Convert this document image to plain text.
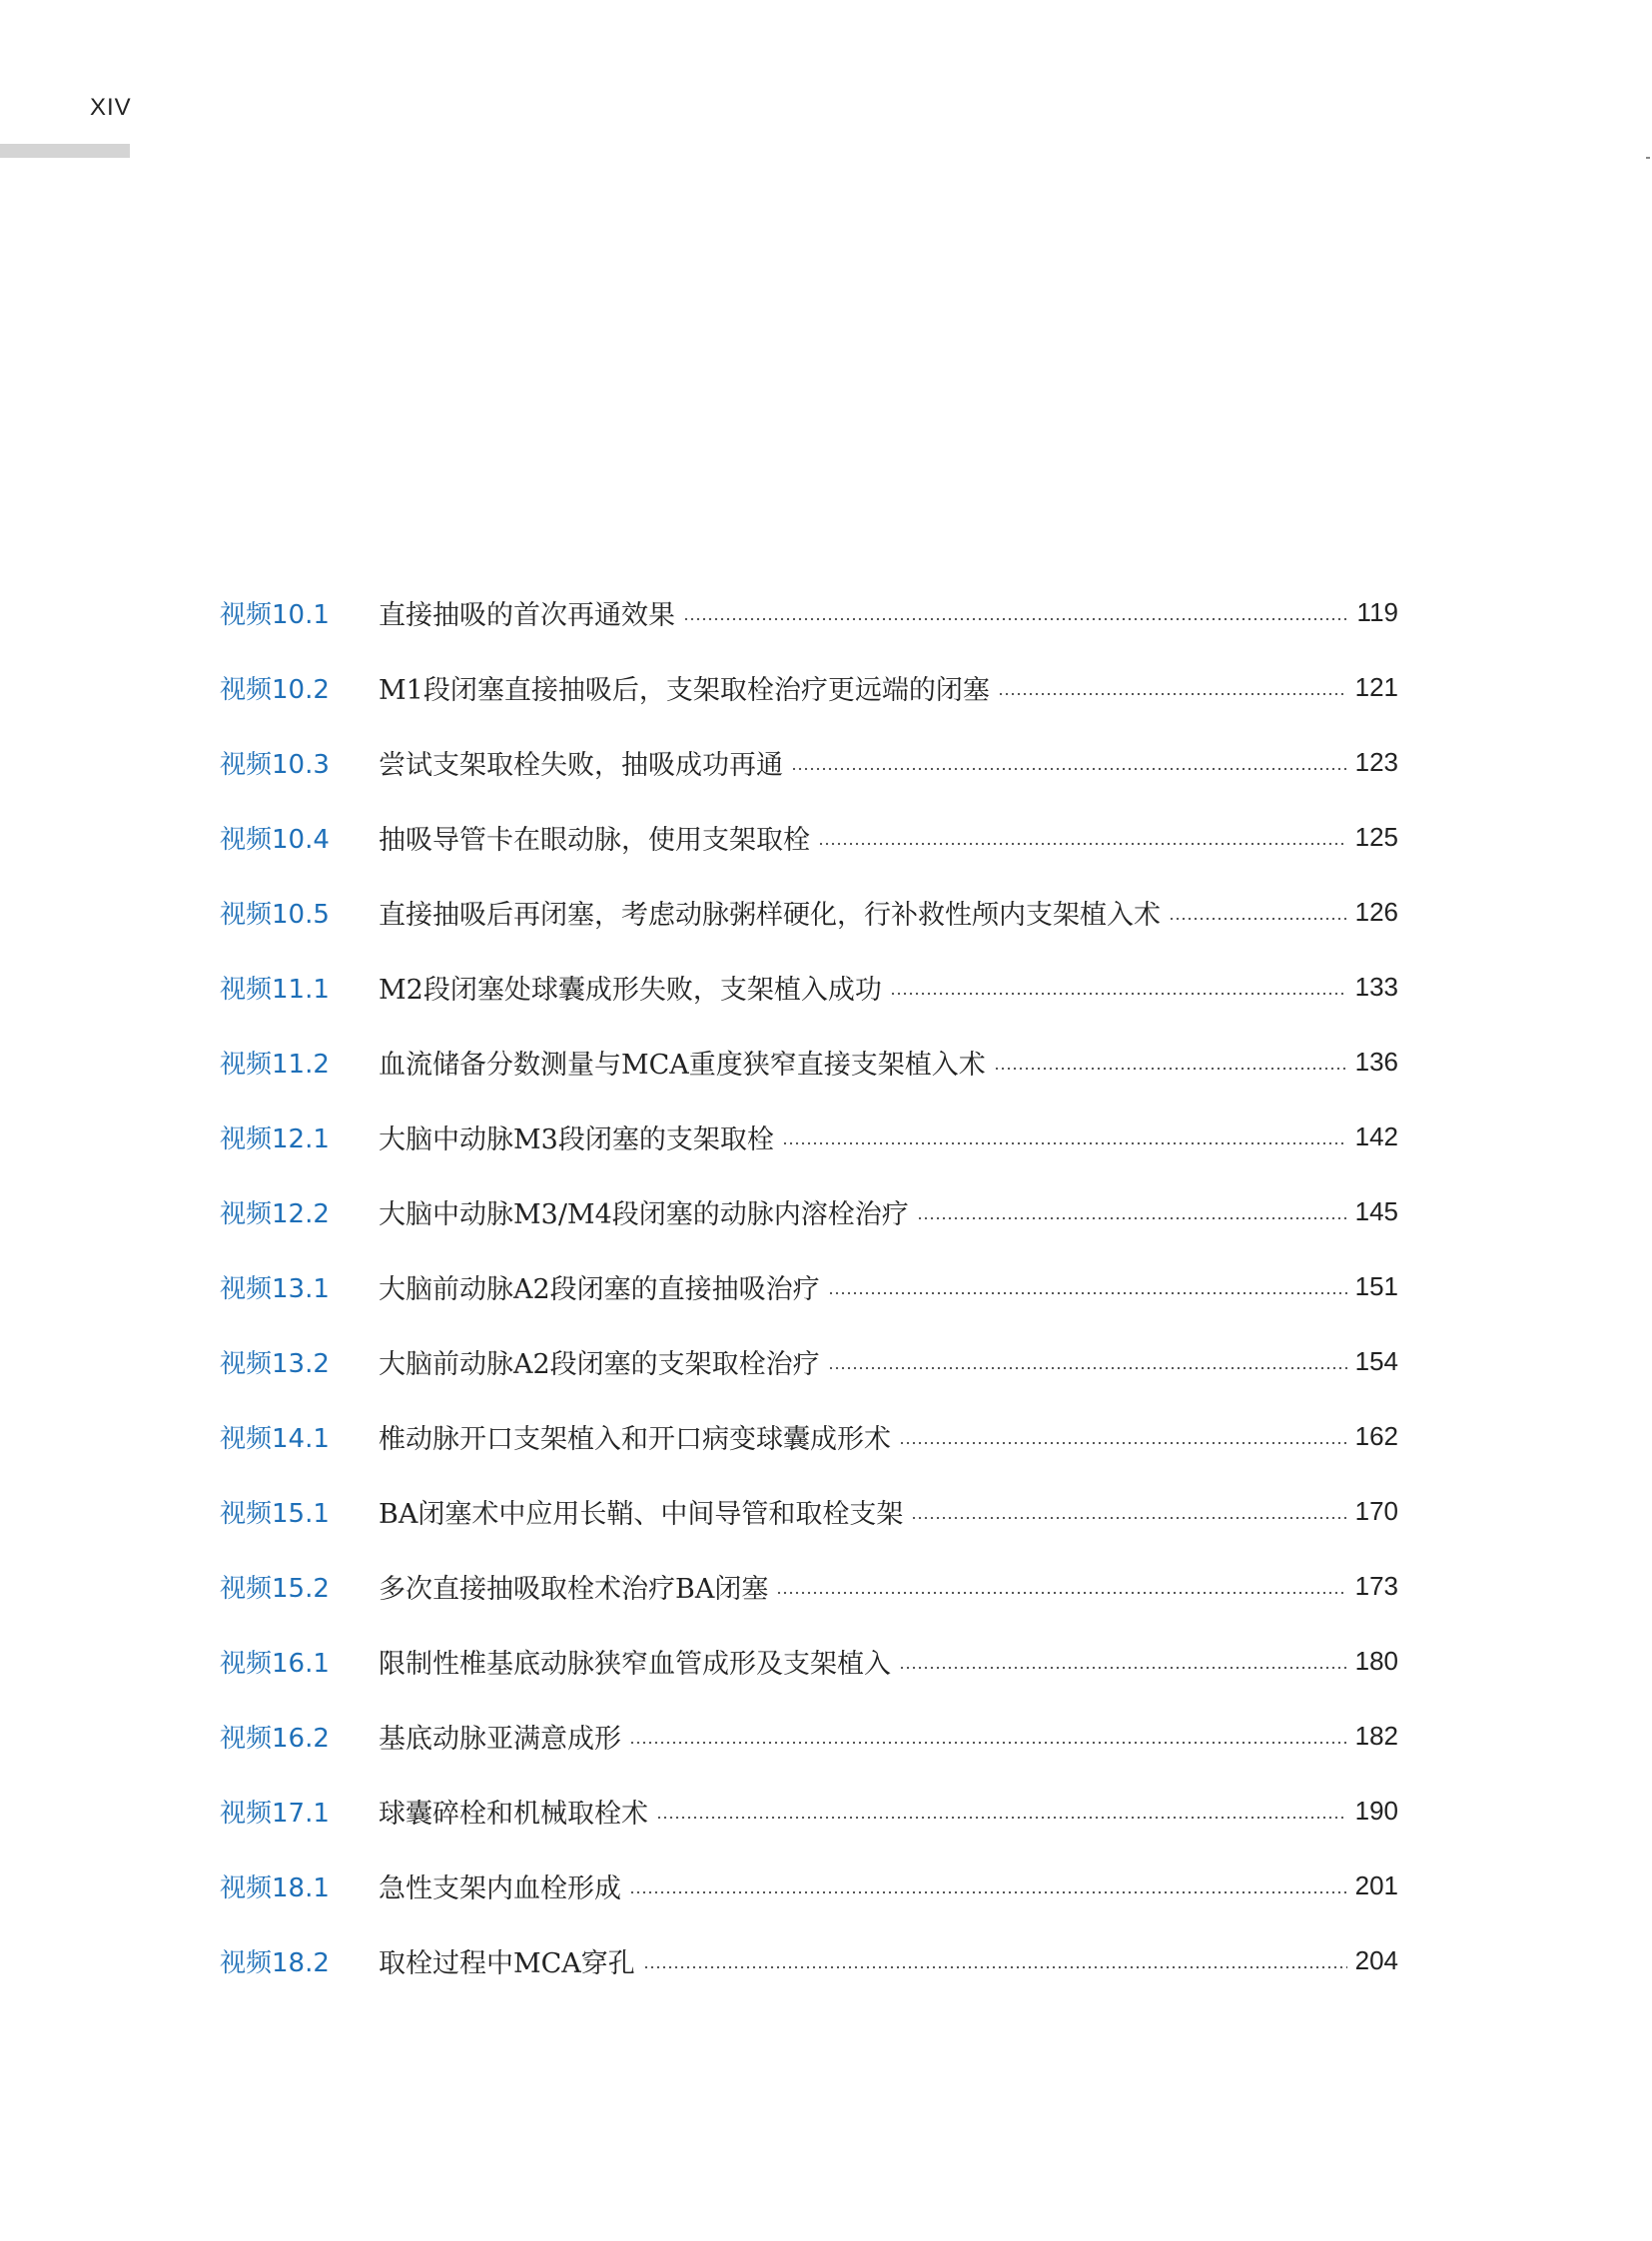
XIV
视频10.1	直接抽吸的首次再通效果	119
视频10.2	M1段闭塞直接抽吸后，支架取栓治疗更远端的闭塞	121
视频10.3	尝试支架取栓失败，抽吸成功再通	123
视频10.4	抽吸导管卡在眼动脉，使用支架取栓	125
视频10.5	直接抽吸后再闭塞，考虑动脉粥样硬化，行补救性颅内支架植入术	126
视频11.1	M2段闭塞处球囊成形失败，支架植入成功	133
视频11.2	血流储备分数测量与MCA重度狭窄直接支架植入术	136
视频12.1	大脑中动脉M3段闭塞的支架取栓	142
视频12.2	大脑中动脉M3/M4段闭塞的动脉内溶栓治疗	145
视频13.1	大脑前动脉A2段闭塞的直接抽吸治疗	151
视频13.2	大脑前动脉A2段闭塞的支架取栓治疗	154
视频14.1	椎动脉开口支架植入和开口病变球囊成形术	162
视频15.1	BA闭塞术中应用长鞘、中间导管和取栓支架	170
视频15.2	多次直接抽吸取栓术治疗BA闭塞	173
视频16.1	限制性椎基底动脉狭窄血管成形及支架植入	180
视频16.2	基底动脉亚满意成形	182
视频17.1	球囊碎栓和机械取栓术	190
视频18.1	急性支架内血栓形成	201
视频18.2	取栓过程中MCA穿孔	204
